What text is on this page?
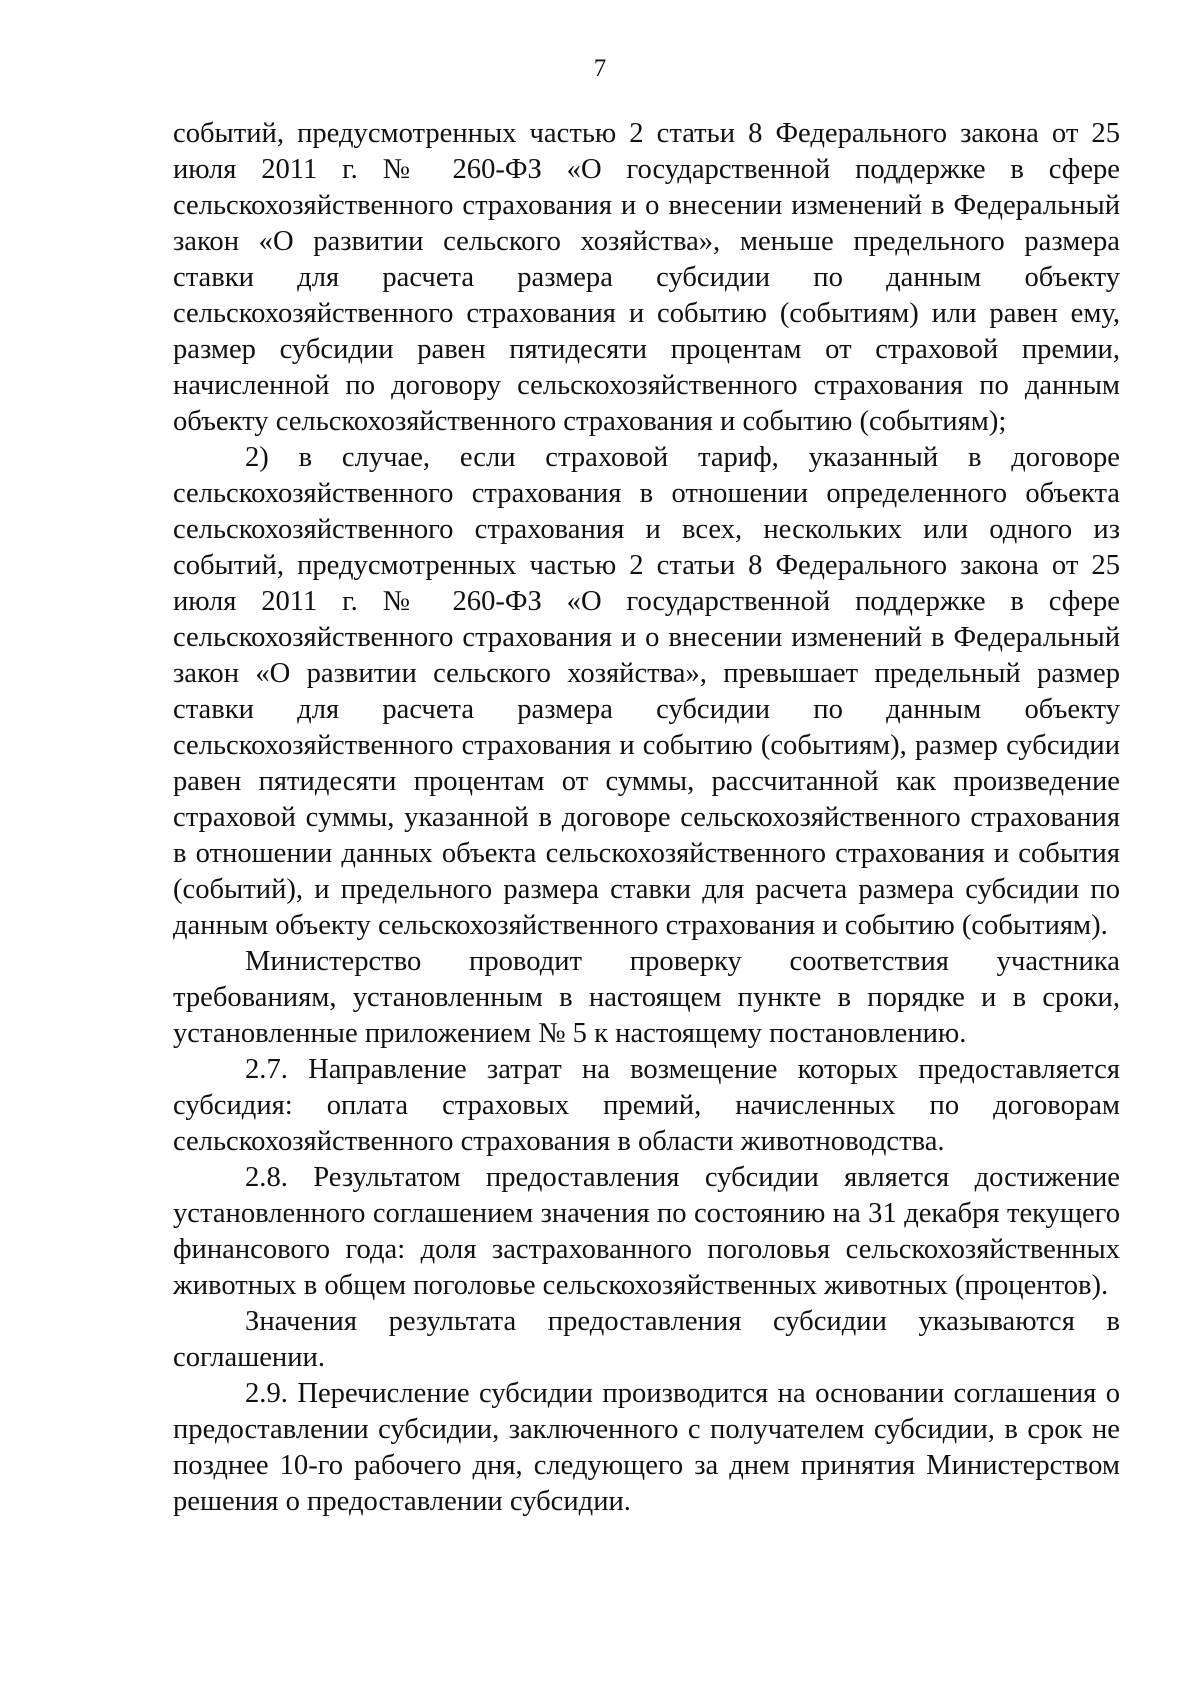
7

событий, предусмотренных частью 2 статьи 8 Федерального закона от 25 июля 2011 г. № 260-ФЗ «О государственной поддержке в сфере сельскохозяйственного страхования и о внесении изменений в Федеральный закон «О развитии сельского хозяйства», меньше предельного размера ставки для расчета размера субсидии по данным объекту сельскохозяйственного страхования и событию (событиям) или равен ему, размер субсидии равен пятидесяти процентам от страховой премии, начисленной по договору сельскохозяйственного страхования по данным объекту сельскохозяйственного страхования и событию (событиям);

2) в случае, если страховой тариф, указанный в договоре сельскохозяйственного страхования в отношении определенного объекта сельскохозяйственного страхования и всех, нескольких или одного из событий, предусмотренных частью 2 статьи 8 Федерального закона от 25 июля 2011 г. № 260-ФЗ «О государственной поддержке в сфере сельскохозяйственного страхования и о внесении изменений в Федеральный закон «О развитии сельского хозяйства», превышает предельный размер ставки для расчета размера субсидии по данным объекту сельскохозяйственного страхования и событию (событиям), размер субсидии равен пятидесяти процентам от суммы, рассчитанной как произведение страховой суммы, указанной в договоре сельскохозяйственного страхования в отношении данных объекта сельскохозяйственного страхования и события (событий), и предельного размера ставки для расчета размера субсидии по данным объекту сельскохозяйственного страхования и событию (событиям).

Министерство проводит проверку соответствия участника требованиям, установленным в настоящем пункте в порядке и в сроки, установленные приложением № 5 к настоящему постановлению.

2.7. Направление затрат на возмещение которых предоставляется субсидия: оплата страховых премий, начисленных по договорам сельскохозяйственного страхования в области животноводства.

2.8. Результатом предоставления субсидии является достижение установленного соглашением значения по состоянию на 31 декабря текущего финансового года: доля застрахованного поголовья сельскохозяйственных животных в общем поголовье сельскохозяйственных животных (процентов).

Значения результата предоставления субсидии указываются в соглашении.

2.9. Перечисление субсидии производится на основании соглашения о предоставлении субсидии, заключенного с получателем субсидии, в срок не позднее 10-го рабочего дня, следующего за днем принятия Министерством решения о предоставлении субсидии.
